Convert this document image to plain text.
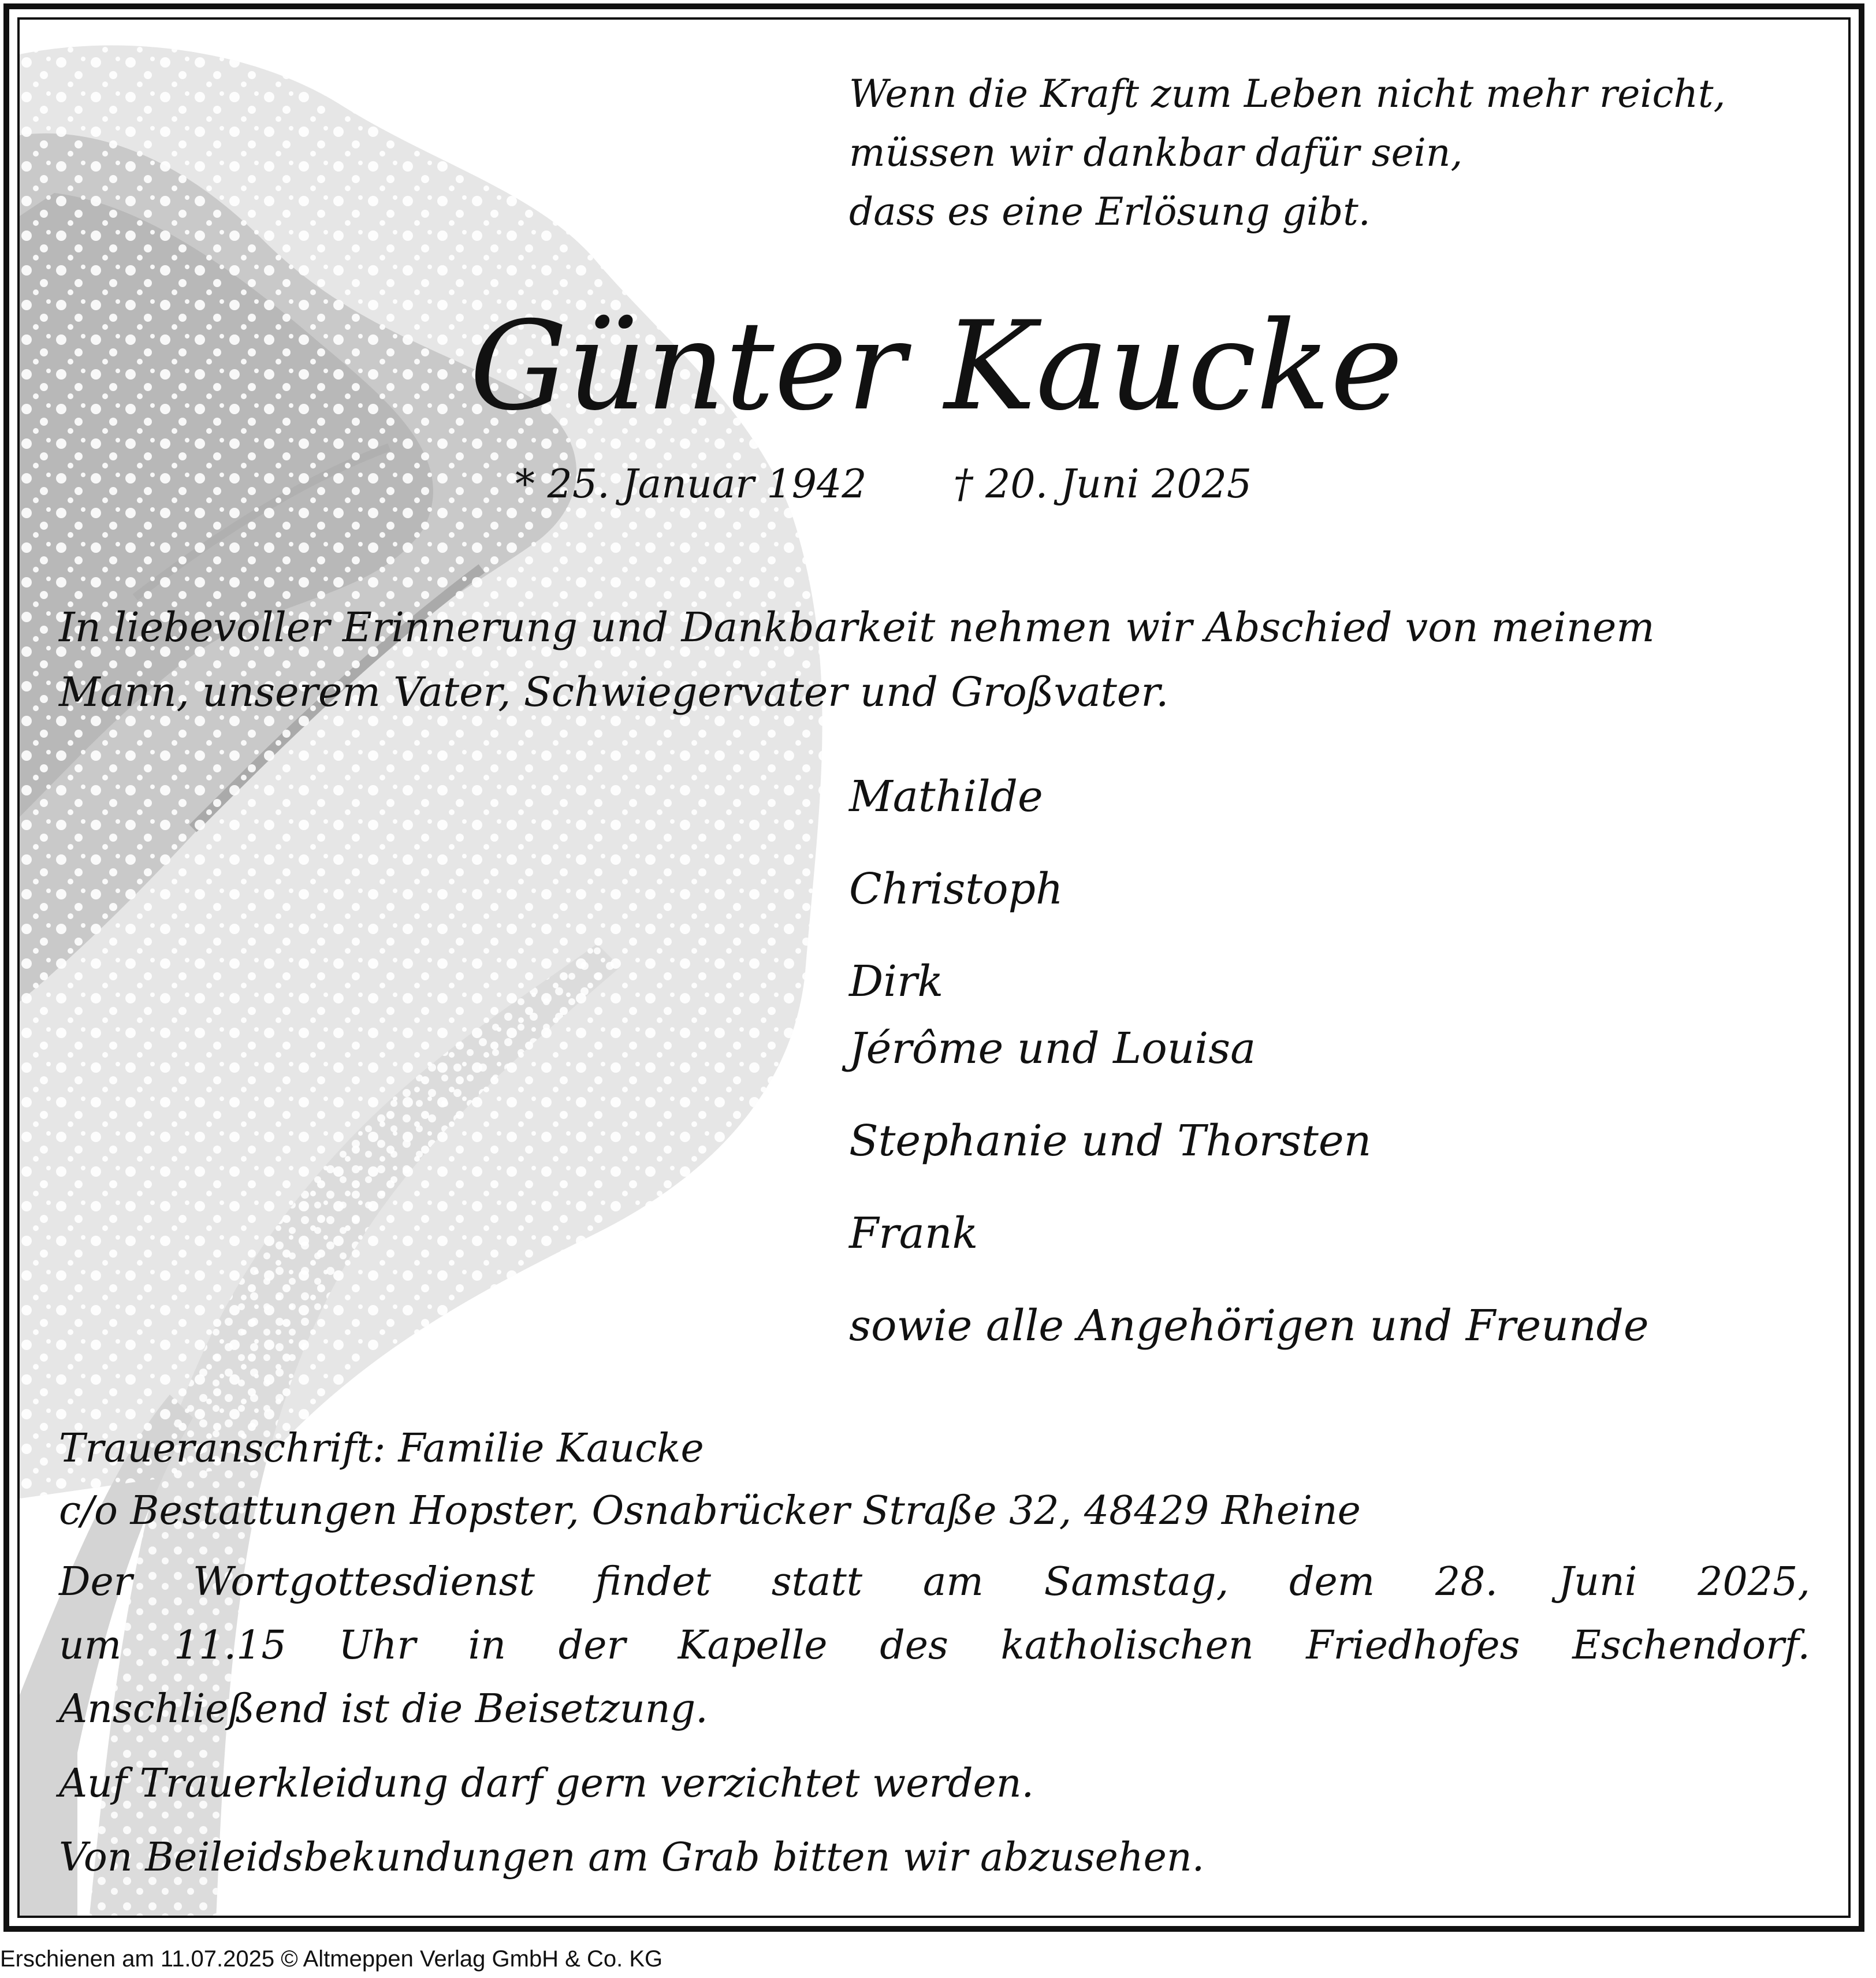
Wenn die Kraft zum Leben nicht mehr reicht,
müssen wir dankbar dafür sein,
dass es eine Erlösung gibt.
Günter Kaucke
* 25. Januar 1942 † 20. Juni 2025
In liebevoller Erinnerung und Dankbarkeit nehmen wir Abschied von meinem
Mann, unserem Vater, Schwiegervater und Großvater.
Mathilde
Christoph
Dirk
Jérôme und Louisa
Stephanie und Thorsten
Frank
sowie alle Angehörigen und Freunde
Traueranschrift: Familie Kaucke
c/o Bestattungen Hopster, Osnabrücker Straße 32, 48429 Rheine
Der Wortgottesdienst findet statt am Samstag, dem 28. Juni 2025,
um 11.15 Uhr in der Kapelle des katholischen Friedhofes Eschendorf.
Anschließend ist die Beisetzung.
Auf Trauerkleidung darf gern verzichtet werden.
Von Beileidsbekundungen am Grab bitten wir abzusehen.
Erschienen am 11.07.2025 © Altmeppen Verlag GmbH & Co. KG
